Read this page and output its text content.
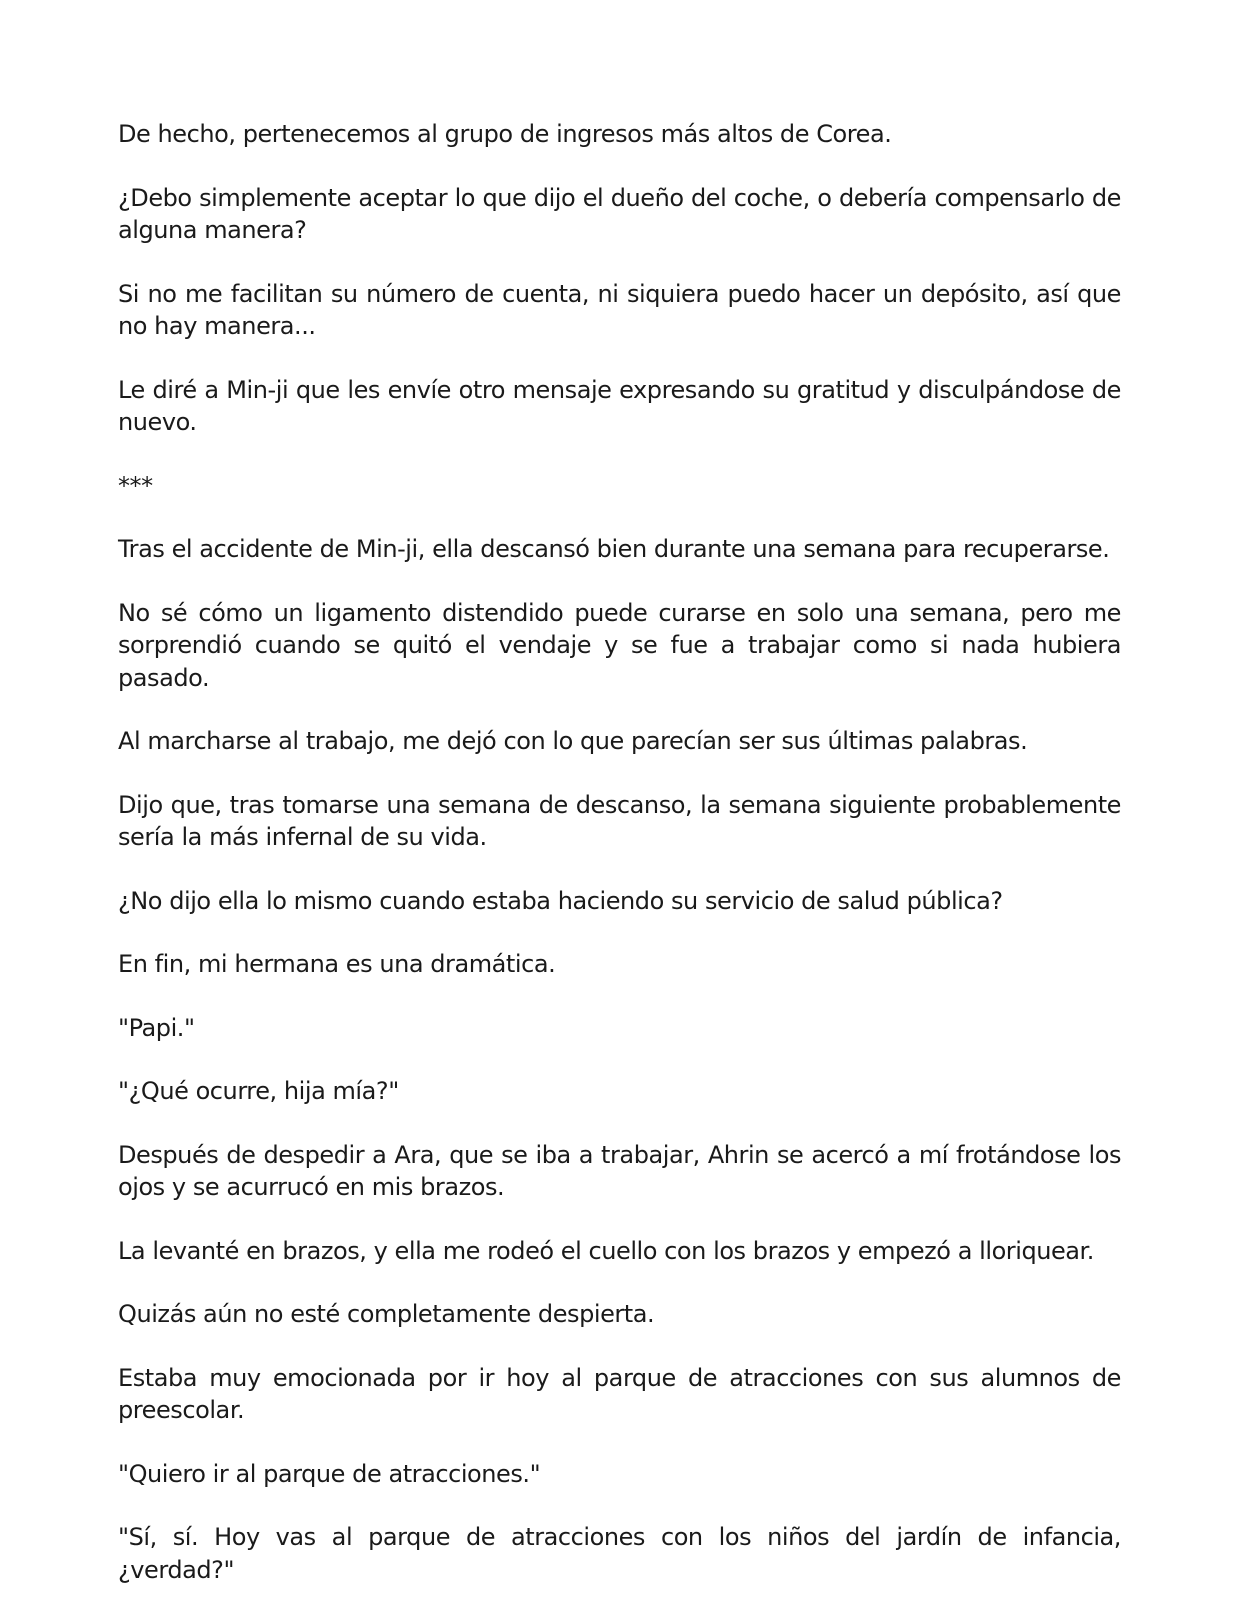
De hecho, pertenecemos al grupo de ingresos más altos de Corea.

¿Debo simplemente aceptar lo que dijo el dueño del coche, o debería compensarlo de alguna manera?

Si no me facilitan su número de cuenta, ni siquiera puedo hacer un depósito, así que no hay manera...

Le diré a Min-ji que les envíe otro mensaje expresando su gratitud y disculpándose de nuevo.

***

Tras el accidente de Min-ji, ella descansó bien durante una semana para recuperarse.

No sé cómo un ligamento distendido puede curarse en solo una semana, pero me sorprendió cuando se quitó el vendaje y se fue a trabajar como si nada hubiera pasado.

Al marcharse al trabajo, me dejó con lo que parecían ser sus últimas palabras.

Dijo que, tras tomarse una semana de descanso, la semana siguiente probablemente sería la más infernal de su vida.

¿No dijo ella lo mismo cuando estaba haciendo su servicio de salud pública?

En fin, mi hermana es una dramática.

"Papi."

"¿Qué ocurre, hija mía?"

Después de despedir a Ara, que se iba a trabajar, Ahrin se acercó a mí frotándose los ojos y se acurrucó en mis brazos.

La levanté en brazos, y ella me rodeó el cuello con los brazos y empezó a lloriquear.

Quizás aún no esté completamente despierta.

Estaba muy emocionada por ir hoy al parque de atracciones con sus alumnos de preescolar.

"Quiero ir al parque de atracciones."

"Sí, sí. Hoy vas al parque de atracciones con los niños del jardín de infancia, ¿verdad?"
